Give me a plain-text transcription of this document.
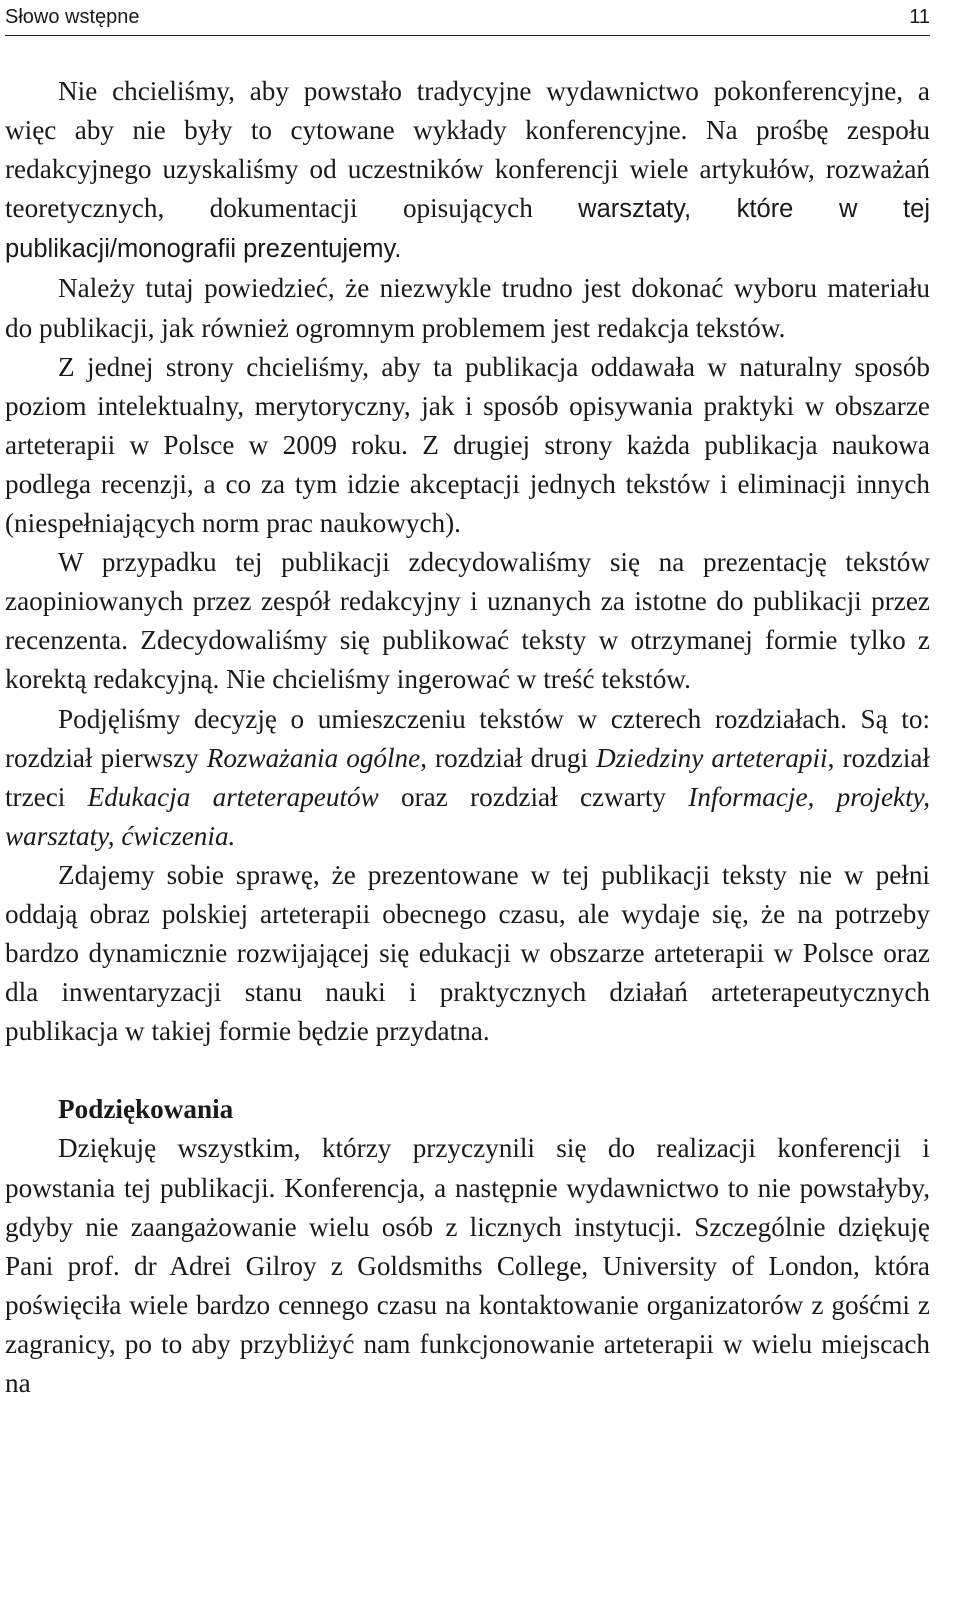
Słowo wstępne	11

Nie chcieliśmy, aby powstało tradycyjne wydawnictwo pokonferencyjne, a więc aby nie były to cytowane wykłady konferencyjne. Na prośbę zespołu redakcyjnego uzyskaliśmy od uczestników konferencji wiele artykułów, rozważań teoretycznych, dokumentacji opisujących warsztaty, które w tej publikacji/monografii prezentujemy.

Należy tutaj powiedzieć, że niezwykle trudno jest dokonać wyboru materiału do publikacji, jak również ogromnym problemem jest redakcja tekstów.

Z jednej strony chcieliśmy, aby ta publikacja oddawała w naturalny sposób poziom intelektualny, merytoryczny, jak i sposób opisywania praktyki w obszarze arteterapii w Polsce w 2009 roku. Z drugiej strony każda publikacja naukowa podlega recenzji, a co za tym idzie akceptacji jednych tekstów i eliminacji innych (niespełniających norm prac naukowych).

W przypadku tej publikacji zdecydowaliśmy się na prezentację tekstów zaopiniowanych przez zespół redakcyjny i uznanych za istotne do publikacji przez recenzenta. Zdecydowaliśmy się publikować teksty w otrzymanej formie tylko z korektą redakcyjną. Nie chcieliśmy ingerować w treść tekstów.

Podjęliśmy decyzję o umieszczeniu tekstów w czterech rozdziałach. Są to: rozdział pierwszy Rozważania ogólne, rozdział drugi Dziedziny arteterapii, rozdział trzeci Edukacja arteterapeutów oraz rozdział czwarty Informacje, projekty, warsztaty, ćwiczenia.

Zdajemy sobie sprawę, że prezentowane w tej publikacji teksty nie w pełni oddają obraz polskiej arteterapii obecnego czasu, ale wydaje się, że na potrzeby bardzo dynamicznie rozwijającej się edukacji w obszarze arteterapii w Polsce oraz dla inwentaryzacji stanu nauki i praktycznych działań arteterapeutycznych publikacja w takiej formie będzie przydatna.

Podziękowania

Dziękuję wszystkim, którzy przyczynili się do realizacji konferencji i powstania tej publikacji. Konferencja, a następnie wydawnictwo to nie powstałyby, gdyby nie zaangażowanie wielu osób z licznych instytucji. Szczególnie dziękuję Pani prof. dr Adrei Gilroy z Goldsmiths College, University of London, która poświęciła wiele bardzo cennego czasu na kontaktowanie organizatorów z gośćmi z zagranicy, po to aby przybliżyć nam funkcjonowanie arteterapii w wielu miejscach na
